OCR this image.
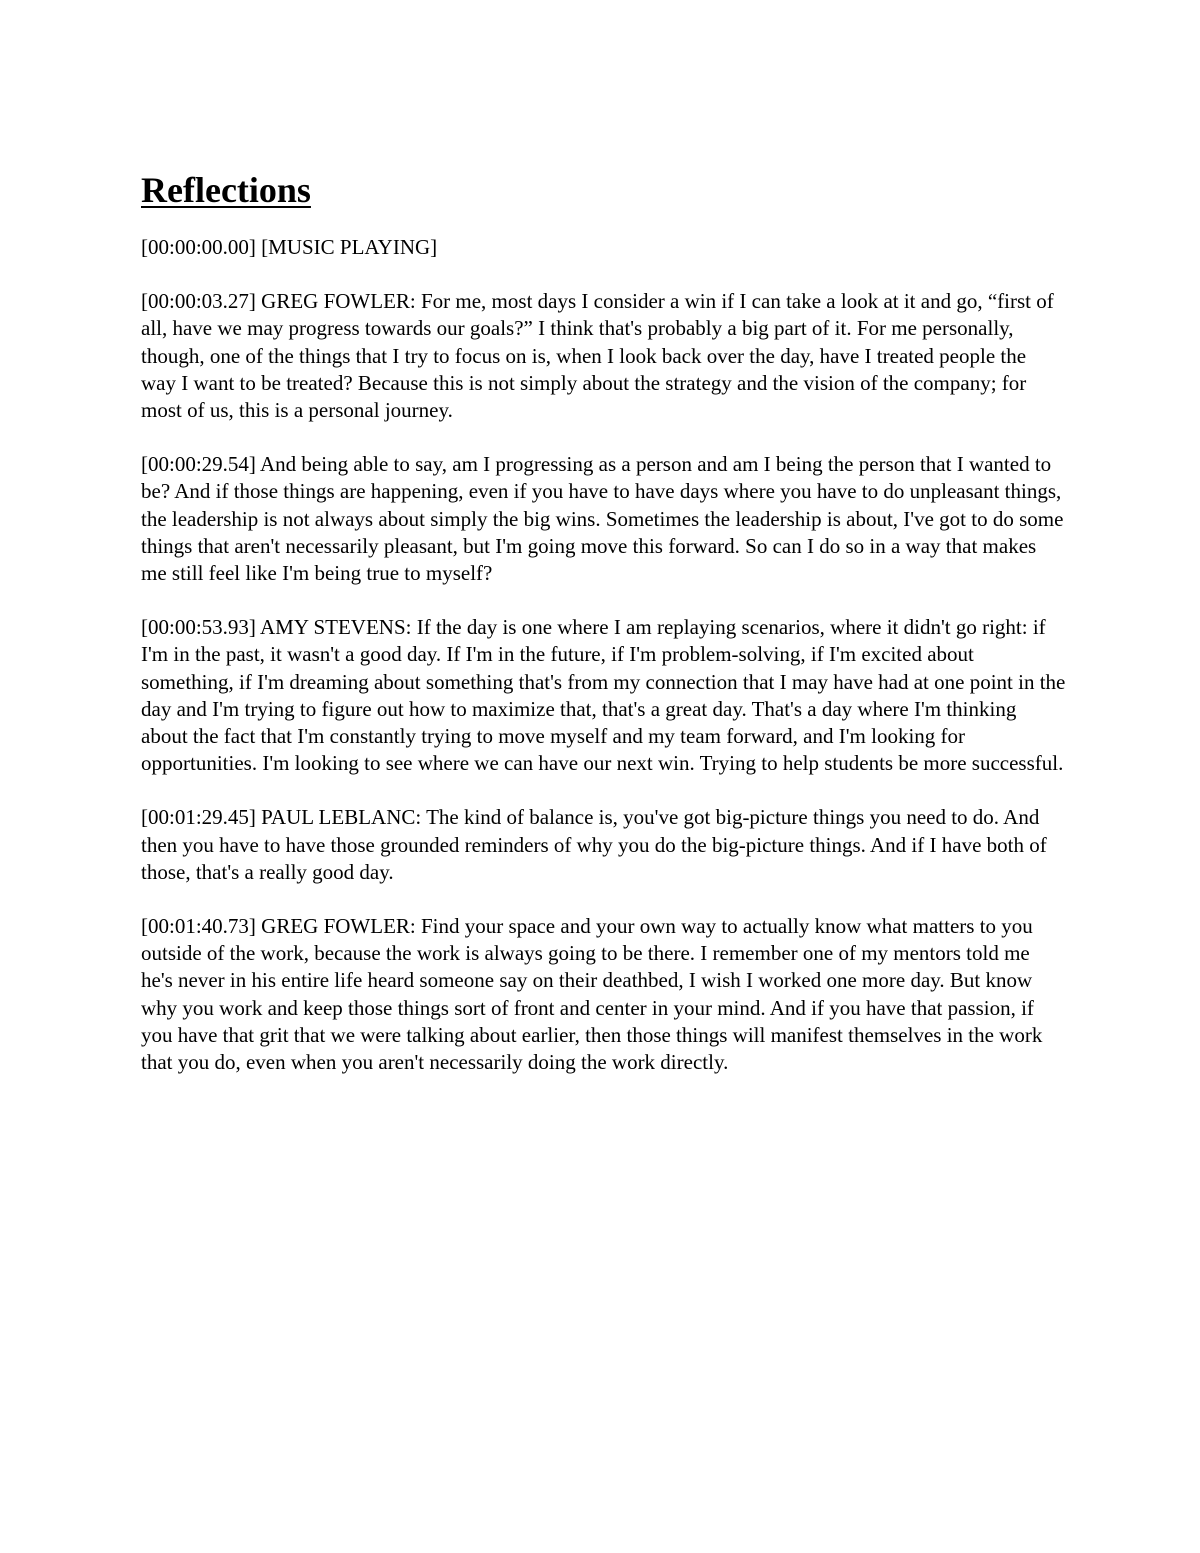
Reflections

[00:00:00.00] [MUSIC PLAYING]

[00:00:03.27] GREG FOWLER: For me, most days I consider a win if I can take a look at it and go, “first of all, have we may progress towards our goals?” I think that's probably a big part of it. For me personally, though, one of the things that I try to focus on is, when I look back over the day, have I treated people the way I want to be treated? Because this is not simply about the strategy and the vision of the company; for most of us, this is a personal journey.

[00:00:29.54] And being able to say, am I progressing as a person and am I being the person that I wanted to be? And if those things are happening, even if you have to have days where you have to do unpleasant things, the leadership is not always about simply the big wins. Sometimes the leadership is about, I've got to do some things that aren't necessarily pleasant, but I'm going move this forward. So can I do so in a way that makes me still feel like I'm being true to myself?

[00:00:53.93] AMY STEVENS: If the day is one where I am replaying scenarios, where it didn't go right: if I'm in the past, it wasn't a good day. If I'm in the future, if I'm problem-solving, if I'm excited about something, if I'm dreaming about something that's from my connection that I may have had at one point in the day and I'm trying to figure out how to maximize that, that's a great day. That's a day where I'm thinking about the fact that I'm constantly trying to move myself and my team forward, and I'm looking for opportunities. I'm looking to see where we can have our next win. Trying to help students be more successful.

[00:01:29.45] PAUL LEBLANC: The kind of balance is, you've got big-picture things you need to do. And then you have to have those grounded reminders of why you do the big-picture things. And if I have both of those, that's a really good day.

[00:01:40.73] GREG FOWLER: Find your space and your own way to actually know what matters to you outside of the work, because the work is always going to be there. I remember one of my mentors told me he's never in his entire life heard someone say on their deathbed, I wish I worked one more day. But know why you work and keep those things sort of front and center in your mind. And if you have that passion, if you have that grit that we were talking about earlier, then those things will manifest themselves in the work that you do, even when you aren't necessarily doing the work directly.
